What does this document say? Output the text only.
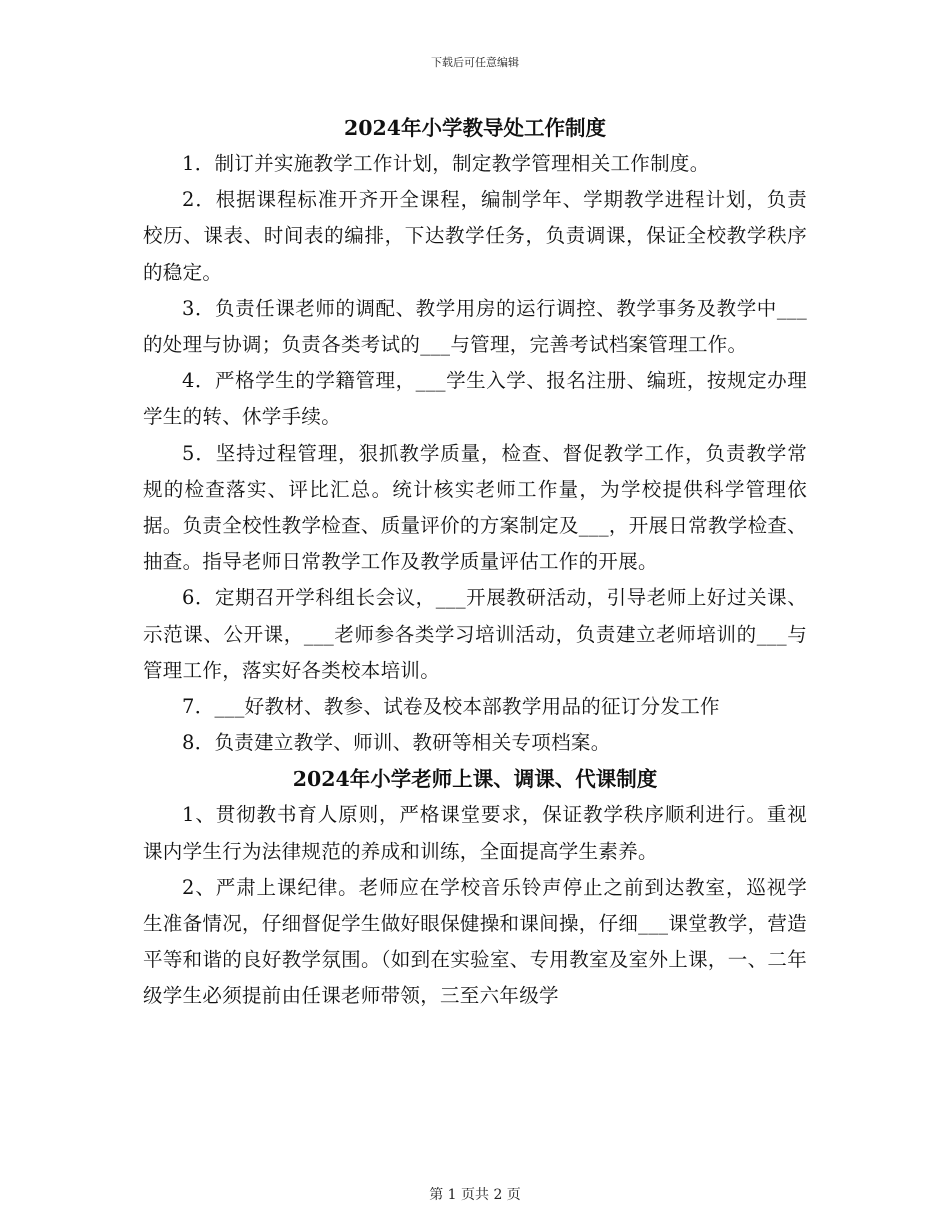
下载后可任意编辑
2024年小学教导处工作制度

1．制订并实施教学工作计划，制定教学管理相关工作制度。

2．根据课程标准开齐开全课程，编制学年、学期教学进程计划，负责校历、课表、时间表的编排，下达教学任务，负责调课，保证全校教学秩序的稳定。

3．负责任课老师的调配、教学用房的运行调控、教学事务及教学中___的处理与协调；负责各类考试的___与管理，完善考试档案管理工作。

4．严格学生的学籍管理，___学生入学、报名注册、编班，按规定办理学生的转、休学手续。

5．坚持过程管理，狠抓教学质量，检查、督促教学工作，负责教学常规的检查落实、评比汇总。统计核实老师工作量，为学校提供科学管理依据。负责全校性教学检查、质量评价的方案制定及___，开展日常教学检查、抽查。指导老师日常教学工作及教学质量评估工作的开展。

6．定期召开学科组长会议，___开展教研活动，引导老师上好过关课、示范课、公开课，___老师参各类学习培训活动，负责建立老师培训的___与管理工作，落实好各类校本培训。

7．___好教材、教参、试卷及校本部教学用品的征订分发工作

8．负责建立教学、师训、教研等相关专项档案。

2024年小学老师上课、调课、代课制度

1、贯彻教书育人原则，严格课堂要求，保证教学秩序顺利进行。重视课内学生行为法律规范的养成和训练，全面提高学生素养。

2、严肃上课纪律。老师应在学校音乐铃声停止之前到达教室，巡视学生准备情况，仔细督促学生做好眼保健操和课间操，仔细___课堂教学，营造平等和谐的良好教学氛围。（如到在实验室、专用教室及室外上课，一、二年级学生必须提前由任课老师带领，三至六年级学

第 1 页共 2 页
